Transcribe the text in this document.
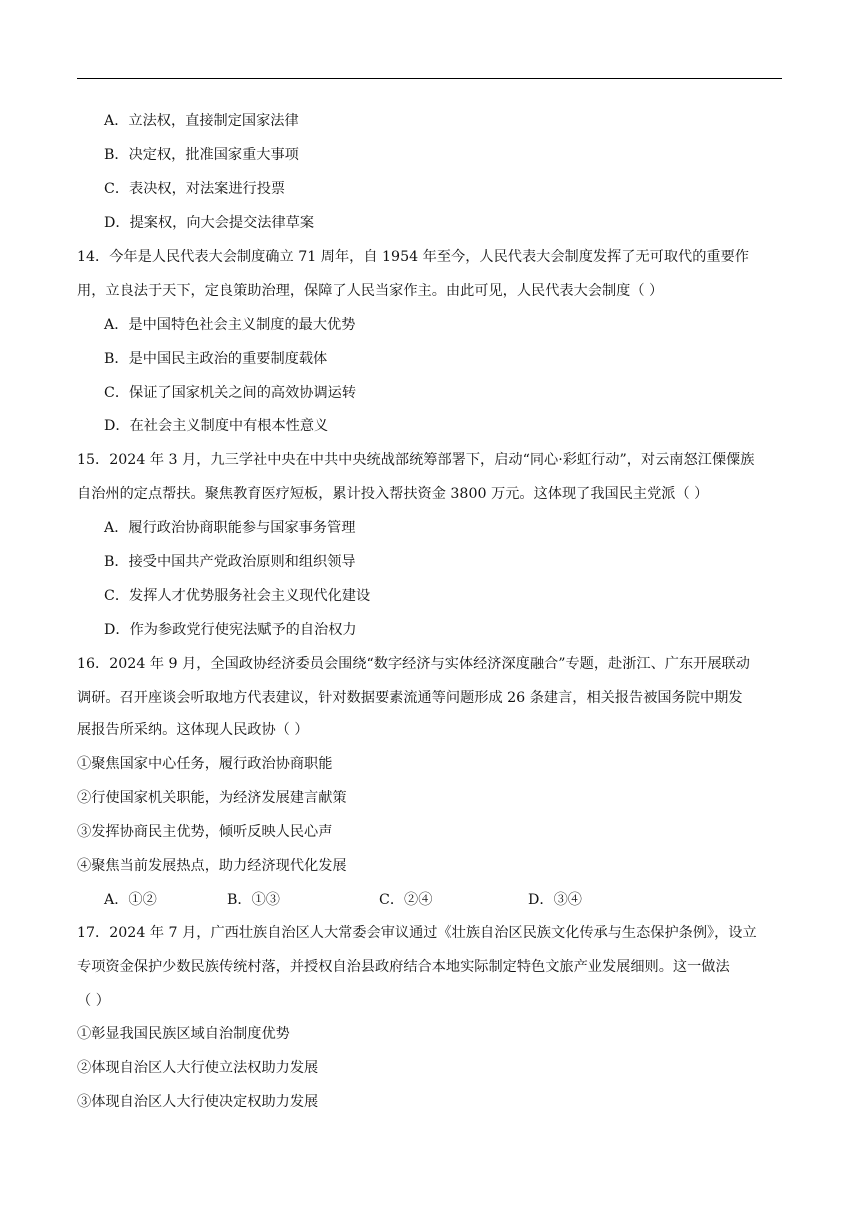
A．立法权，直接制定国家法律
B．决定权，批准国家重大事项
C．表决权，对法案进行投票
D．提案权，向大会提交法律草案
14．今年是人民代表大会制度确立 71 周年，自 1954 年至今，人民代表大会制度发挥了无可取代的重要作
用，立良法于天下，定良策助治理，保障了人民当家作主。由此可见，人民代表大会制度（ ）
A．是中国特色社会主义制度的最大优势
B．是中国民主政治的重要制度载体
C．保证了国家机关之间的高效协调运转
D．在社会主义制度中有根本性意义
15．2024 年 3 月，九三学社中央在中共中央统战部统筹部署下，启动“同心·彩虹行动”，对云南怒江傈僳族
自治州的定点帮扶。聚焦教育医疗短板，累计投入帮扶资金 3800 万元。这体现了我国民主党派（ ）
A．履行政治协商职能参与国家事务管理
B．接受中国共产党政治原则和组织领导
C．发挥人才优势服务社会主义现代化建设
D．作为参政党行使宪法赋予的自治权力
16．2024 年 9 月，全国政协经济委员会围绕“数字经济与实体经济深度融合”专题，赴浙江、广东开展联动
调研。召开座谈会听取地方代表建议，针对数据要素流通等问题形成 26 条建言，相关报告被国务院中期发
展报告所采纳。这体现人民政协（ ）
①聚焦国家中心任务，履行政治协商职能
②行使国家机关职能，为经济发展建言献策
③发挥协商民主优势，倾听反映人民心声
④聚焦当前发展热点，助力经济现代化发展
A．①②	B．①③	C．②④	D．③④
17．2024 年 7 月，广西壮族自治区人大常委会审议通过《壮族自治区民族文化传承与生态保护条例》，设立
专项资金保护少数民族传统村落，并授权自治县政府结合本地实际制定特色文旅产业发展细则。这一做法
（ ）
①彰显我国民族区域自治制度优势
②体现自治区人大行使立法权助力发展
③体现自治区人大行使决定权助力发展
